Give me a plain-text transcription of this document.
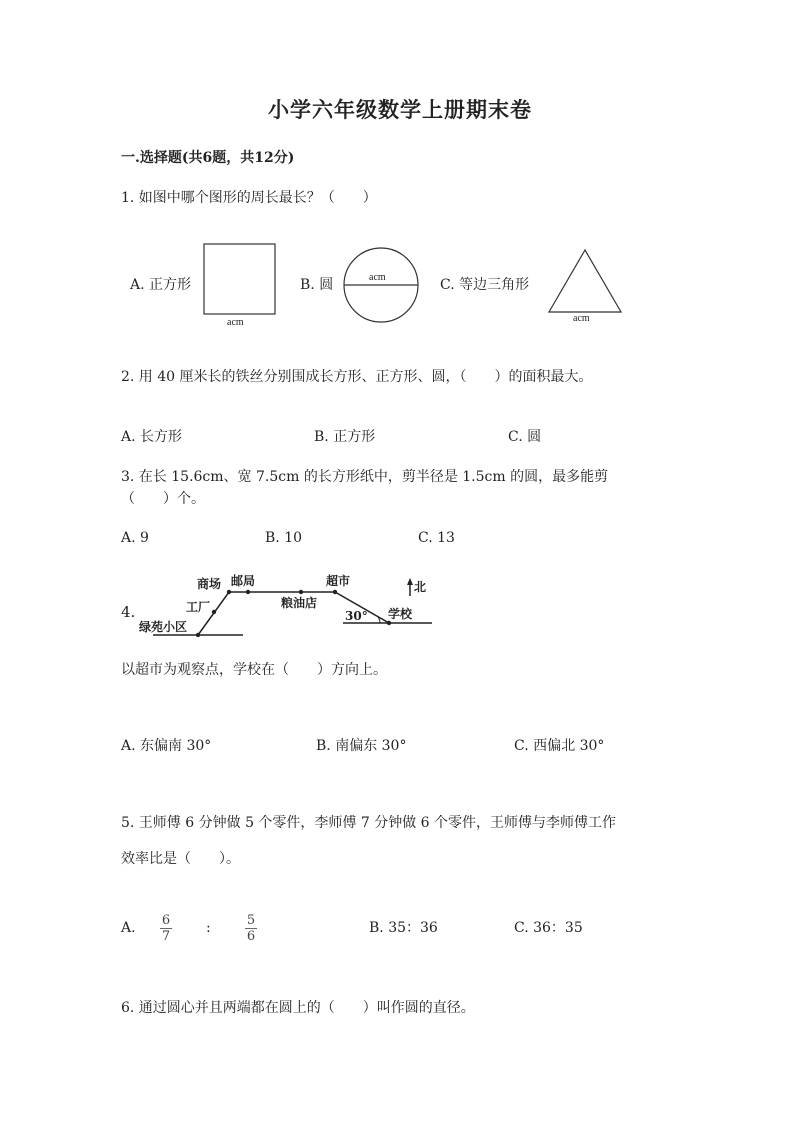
小学六年级数学上册期末卷
一.选择题(共6题，共12分)
1. 如图中哪个图形的周长最长？（　　）
A. 正方形	B. 圆	C. 等边三角形
acm
acm
acm
2. 用 40 厘米长的铁丝分别围成长方形、正方形、圆，（　　）的面积最大。
A. 长方形	B. 正方形	C. 圆
3. 在长 15.6cm、宽 7.5cm 的长方形纸中，剪半径是 1.5cm 的圆，最多能剪
（　　）个。
A. 9	B. 10	C. 13
4.
商场 邮局
工厂
绿苑小区
粮油店
超市
学校
30°
北
以超市为观察点，学校在（　　）方向上。
A. 东偏南 30°	B. 南偏东 30°	C. 西偏北 30°
5. 王师傅 6 分钟做 5 个零件，李师傅 7 分钟做 6 个零件，王师傅与李师傅工作
效率比是（　　）。
A. 6
7
:	5
6
B. 35：36	C. 36：35
6. 通过圆心并且两端都在圆上的（　　）叫作圆的直径。
